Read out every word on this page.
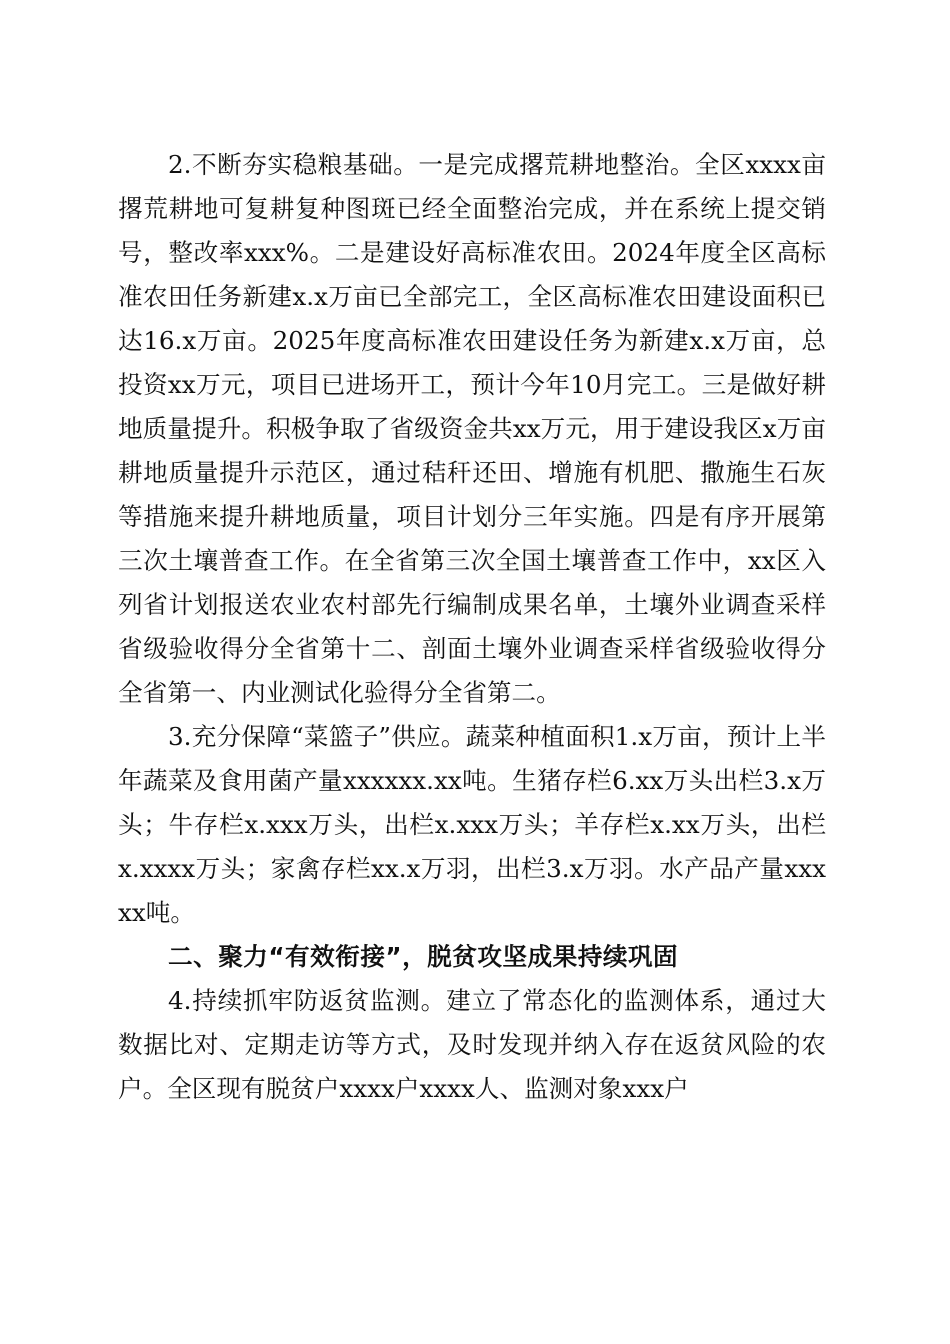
2.不断夯实稳粮基础。一是完成撂荒耕地整治。全区xxxx亩撂荒耕地可复耕复种图斑已经全面整治完成，并在系统上提交销号，整改率xxx%。二是建设好高标准农田。2024年度全区高标准农田任务新建x.x万亩已全部完工，全区高标准农田建设面积已达16.x万亩。2025年度高标准农田建设任务为新建x.x万亩，总投资xx万元，项目已进场开工，预计今年10月完工。三是做好耕地质量提升。积极争取了省级资金共xx万元，用于建设我区x万亩耕地质量提升示范区，通过秸秆还田、增施有机肥、撒施生石灰等措施来提升耕地质量，项目计划分三年实施。四是有序开展第三次土壤普查工作。在全省第三次全国土壤普查工作中，xx区入列省计划报送农业农村部先行编制成果名单，土壤外业调查采样省级验收得分全省第十二、剖面土壤外业调查采样省级验收得分全省第一、内业测试化验得分全省第二。

3.充分保障“菜篮子”供应。蔬菜种植面积1.x万亩，预计上半年蔬菜及食用菌产量xxxxxx.xx吨。生猪存栏6.xx万头出栏3.x万头；牛存栏x.xxx万头，出栏x.xxx万头；羊存栏x.xx万头，出栏x.xxxx万头；家禽存栏xx.x万羽，出栏3.x万羽。水产品产量xxxxx吨。

二、聚力“有效衔接”，脱贫攻坚成果持续巩固

4.持续抓牢防返贫监测。建立了常态化的监测体系，通过大数据比对、定期走访等方式，及时发现并纳入存在返贫风险的农户。全区现有脱贫户xxxx户xxxx人、监测对象xxx户
